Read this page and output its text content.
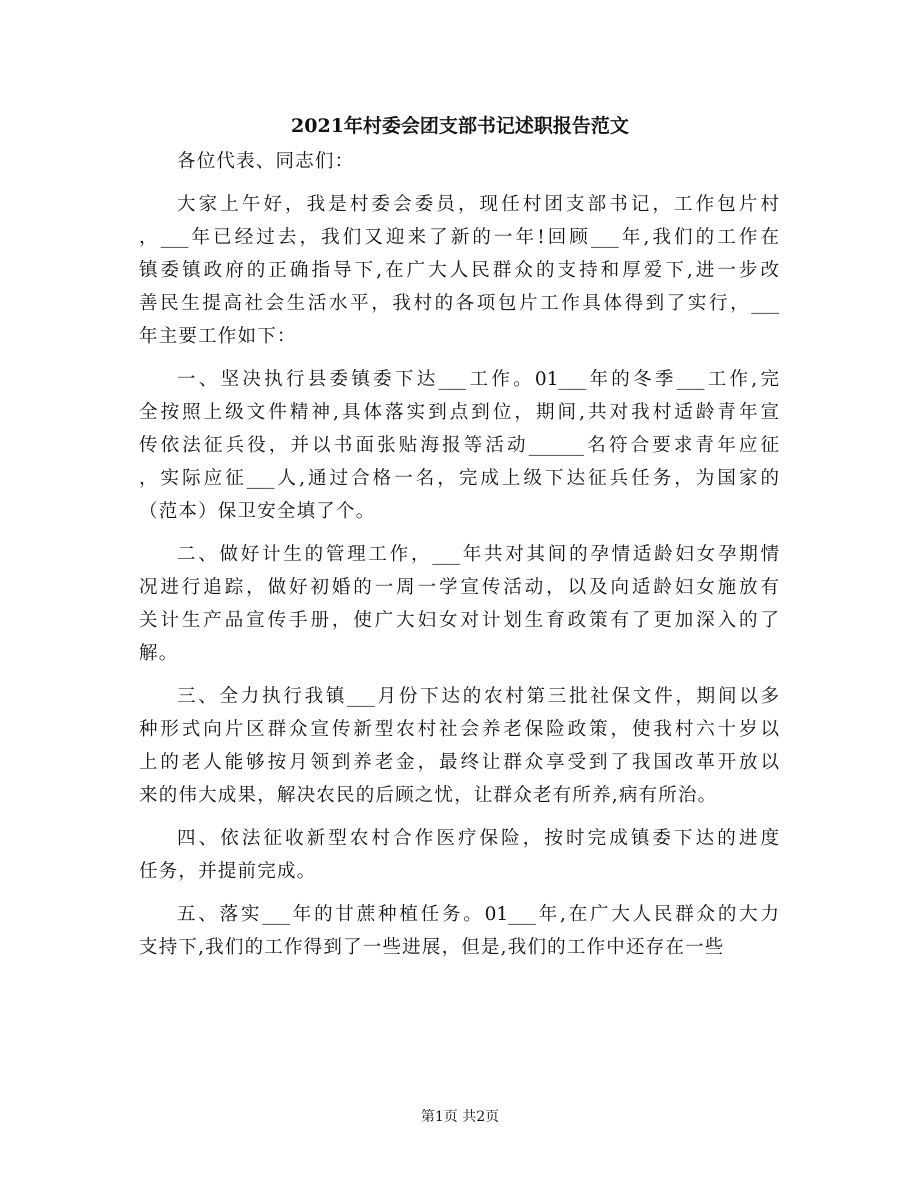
2021年村委会团支部书记述职报告范文
各位代表、同志们：
大家上午好，我是村委会委员，现任村团支部书记，工作包片村
，___年已经过去，我们又迎来了新的一年!回顾___年,我们的工作在
镇委镇政府的正确指导下,在广大人民群众的支持和厚爱下,进一步改
善民生提高社会生活水平，我村的各项包片工作具体得到了实行，___
年主要工作如下：
一、坚决执行县委镇委下达___工作。01___年的冬季___工作,完
全按照上级文件精神,具体落实到点到位，期间,共对我村适龄青年宣
传依法征兵役，并以书面张贴海报等活动______名符合要求青年应征
，实际应征___人,通过合格一名，完成上级下达征兵任务，为国家的
（范本）保卫安全填了个。
二、做好计生的管理工作，___年共对其间的孕情适龄妇女孕期情
况进行追踪，做好初婚的一周一学宣传活动，以及向适龄妇女施放有
关计生产品宣传手册，使广大妇女对计划生育政策有了更加深入的了
解。
三、全力执行我镇___月份下达的农村第三批社保文件，期间以多
种形式向片区群众宣传新型农村社会养老保险政策，使我村六十岁以
上的老人能够按月领到养老金，最终让群众享受到了我国改革开放以
来的伟大成果，解决农民的后顾之忧，让群众老有所养,病有所治。
四、依法征收新型农村合作医疗保险，按时完成镇委下达的进度
任务，并提前完成。
五、落实___年的甘蔗种植任务。01___年,在广大人民群众的大力
支持下,我们的工作得到了一些进展，但是,我们的工作中还存在一些
第1页 共2页
